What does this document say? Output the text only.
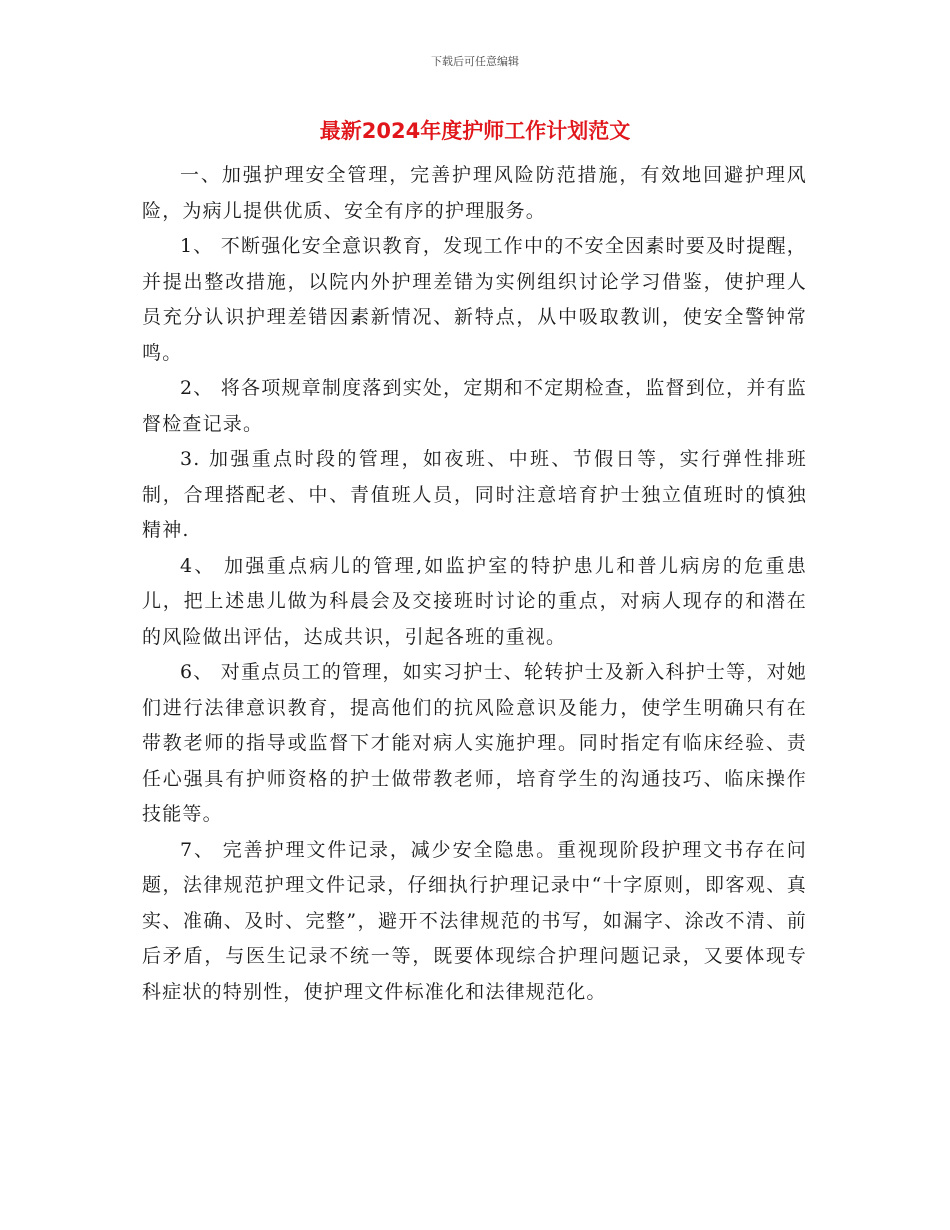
下载后可任意编辑
最新2024年度护师工作计划范文

一、加强护理安全管理，完善护理风险防范措施，有效地回避护理风险，为病儿提供优质、安全有序的护理服务。

1、 不断强化安全意识教育，发现工作中的不安全因素时要及时提醒，并提出整改措施，以院内外护理差错为实例组织讨论学习借鉴，使护理人员充分认识护理差错因素新情况、新特点，从中吸取教训，使安全警钟常鸣。

2、 将各项规章制度落到实处，定期和不定期检查，监督到位，并有监督检查记录。

3. 加强重点时段的管理，如夜班、中班、节假日等，实行弹性排班制，合理搭配老、中、青值班人员，同时注意培育护士独立值班时的慎独精神.

4、 加强重点病儿的管理,如监护室的特护患儿和普儿病房的危重患儿，把上述患儿做为科晨会及交接班时讨论的重点，对病人现存的和潜在的风险做出评估，达成共识，引起各班的重视。

6、 对重点员工的管理，如实习护士、轮转护士及新入科护士等，对她们进行法律意识教育，提高他们的抗风险意识及能力，使学生明确只有在带教老师的指导或监督下才能对病人实施护理。同时指定有临床经验、责任心强具有护师资格的护士做带教老师，培育学生的沟通技巧、临床操作技能等。

7、 完善护理文件记录，减少安全隐患。重视现阶段护理文书存在问题，法律规范护理文件记录，仔细执行护理记录中“十字原则，即客观、真实、准确、及时、完整”，避开不法律规范的书写，如漏字、涂改不清、前后矛盾，与医生记录不统一等，既要体现综合护理问题记录，又要体现专科症状的特别性，使护理文件标准化和法律规范化。
